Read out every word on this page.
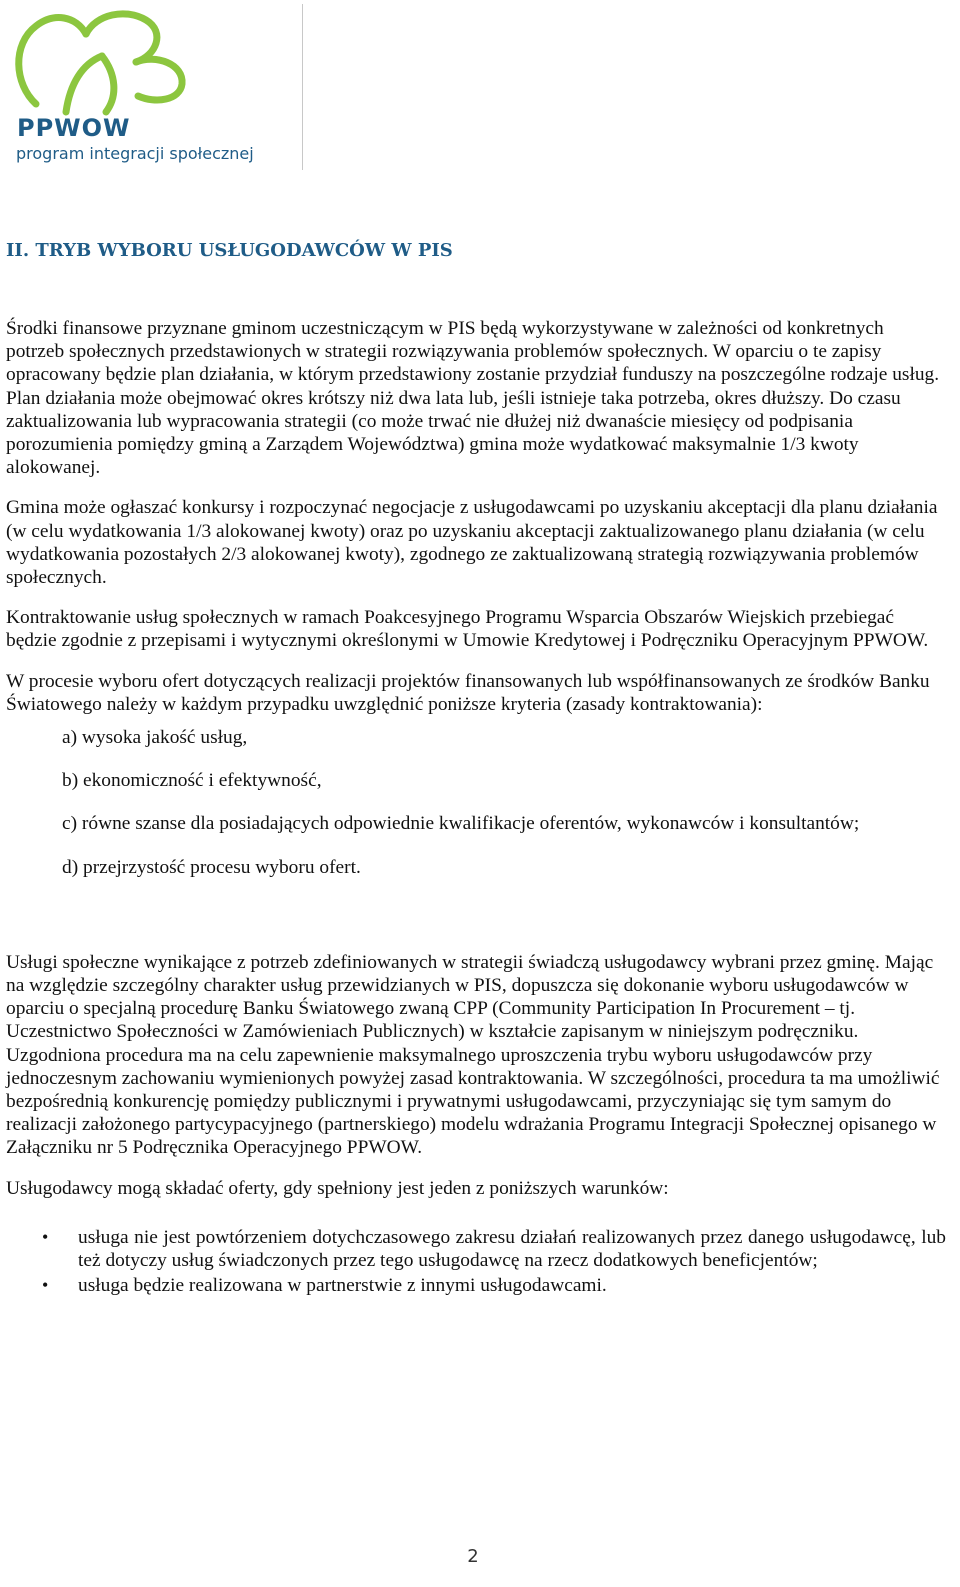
PPWOW
program integracji społecznej
II. TRYB WYBORU USŁUGODAWCÓW W PIS

Środki finansowe przyznane gminom uczestniczącym w PIS będą wykorzystywane w zależności od konkretnych potrzeb społecznych przedstawionych w strategii rozwiązywania problemów społecznych. W oparciu o te zapisy opracowany będzie plan działania, w którym przedstawiony zostanie przydział funduszy na poszczególne rodzaje usług. Plan działania może obejmować okres krótszy niż dwa lata lub, jeśli istnieje taka potrzeba, okres dłuższy. Do czasu zaktualizowania lub wypracowania strategii (co może trwać nie dłużej niż dwanaście miesięcy od podpisania porozumienia pomiędzy gminą a Zarządem Województwa) gmina może wydatkować maksymalnie 1/3 kwoty alokowanej.

Gmina może ogłaszać konkursy i rozpoczynać negocjacje z usługodawcami po uzyskaniu akceptacji dla planu działania (w celu wydatkowania 1/3 alokowanej kwoty) oraz po uzyskaniu akceptacji zaktualizowanego planu działania (w celu wydatkowania pozostałych 2/3 alokowanej kwoty), zgodnego ze zaktualizowaną strategią rozwiązywania problemów społecznych.

Kontraktowanie usług społecznych w ramach Poakcesyjnego Programu Wsparcia Obszarów Wiejskich przebiegać będzie zgodnie z przepisami i wytycznymi określonymi w Umowie Kredytowej i Podręczniku Operacyjnym PPWOW.

W procesie wyboru ofert dotyczących realizacji projektów finansowanych lub współfinansowanych ze środków Banku Światowego należy w każdym przypadku uwzględnić poniższe kryteria (zasady kontraktowania):

a) wysoka jakość usług,
b) ekonomiczność i efektywność,
c) równe szanse dla posiadających odpowiednie kwalifikacje oferentów, wykonawców i konsultantów;
d) przejrzystość procesu wyboru ofert.

Usługi społeczne wynikające z potrzeb zdefiniowanych w strategii świadczą usługodawcy wybrani przez gminę. Mając na względzie szczególny charakter usług przewidzianych w PIS, dopuszcza się dokonanie wyboru usługodawców w oparciu o specjalną procedurę Banku Światowego zwaną CPP (Community Participation In Procurement – tj. Uczestnictwo Społeczności w Zamówieniach Publicznych) w kształcie zapisanym w niniejszym podręczniku. Uzgodniona procedura ma na celu zapewnienie maksymalnego uproszczenia trybu wyboru usługodawców przy jednoczesnym zachowaniu wymienionych powyżej zasad kontraktowania. W szczególności, procedura ta ma umożliwić bezpośrednią konkurencję pomiędzy publicznymi i prywatnymi usługodawcami, przyczyniając się tym samym do realizacji założonego partycypacyjnego (partnerskiego) modelu wdrażania Programu Integracji Społecznej opisanego w Załączniku nr 5 Podręcznika Operacyjnego PPWOW.

Usługodawcy mogą składać oferty, gdy spełniony jest jeden z poniższych warunków:

• usługa nie jest powtórzeniem dotychczasowego zakresu działań realizowanych przez danego usługodawcę, lub też dotyczy usług świadczonych przez tego usługodawcę na rzecz dodatkowych beneficjentów;
• usługa będzie realizowana w partnerstwie z innymi usługodawcami.
2
